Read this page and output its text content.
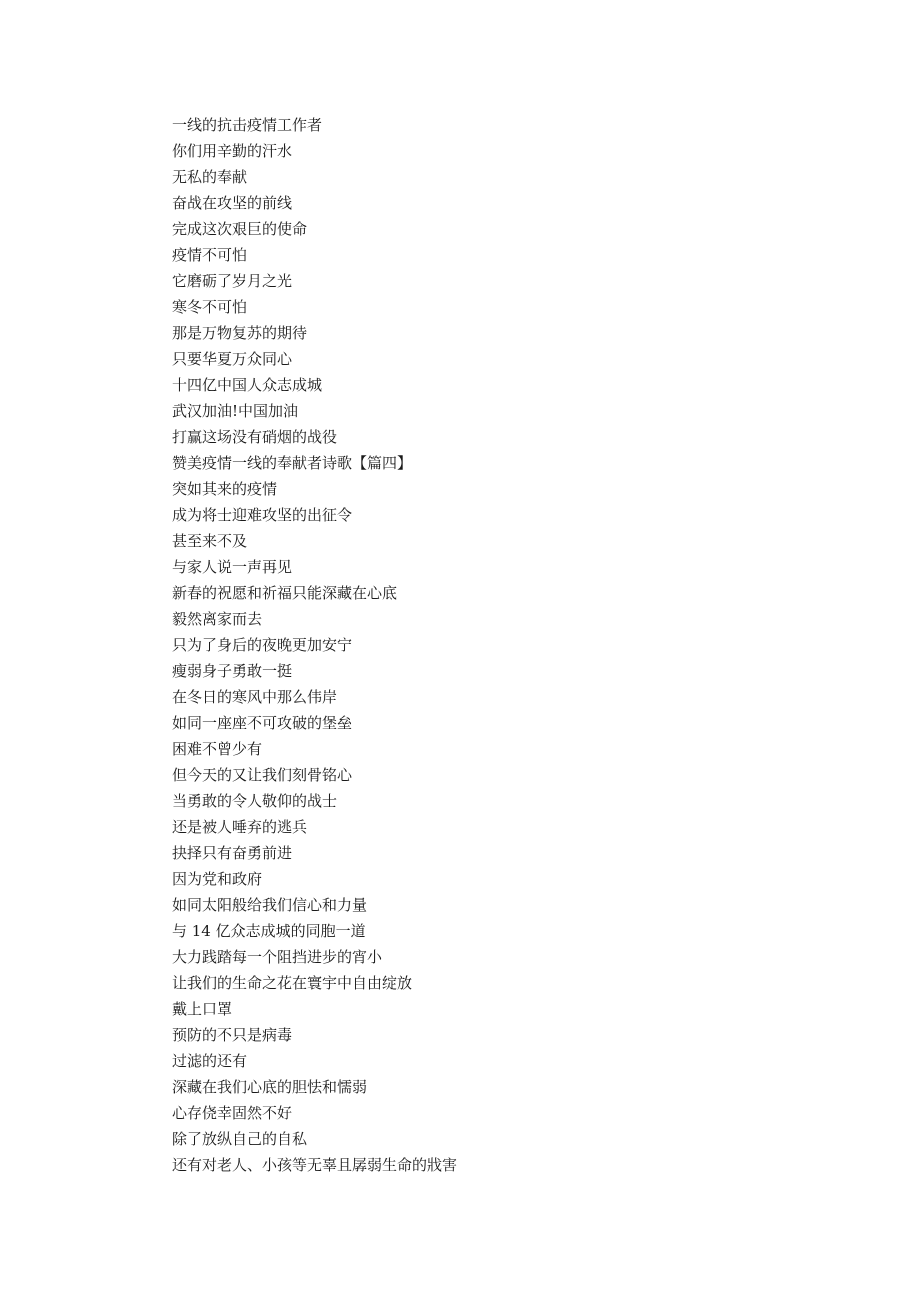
一线的抗击疫情工作者
你们用辛勤的汗水
无私的奉献
奋战在攻坚的前线
完成这次艰巨的使命
疫情不可怕
它磨砺了岁月之光
寒冬不可怕
那是万物复苏的期待
只要华夏万众同心
十四亿中国人众志成城
武汉加油!中国加油
打赢这场没有硝烟的战役
赞美疫情一线的奉献者诗歌【篇四】
突如其来的疫情
成为将士迎难攻坚的出征令
甚至来不及
与家人说一声再见
新春的祝愿和祈福只能深藏在心底
毅然离家而去
只为了身后的夜晚更加安宁
瘦弱身子勇敢一挺
在冬日的寒风中那么伟岸
如同一座座不可攻破的堡垒
困难不曾少有
但今天的又让我们刻骨铭心
当勇敢的令人敬仰的战士
还是被人唾弃的逃兵
抉择只有奋勇前进
因为党和政府
如同太阳般给我们信心和力量
与 14 亿众志成城的同胞一道
大力践踏每一个阻挡进步的宵小
让我们的生命之花在寰宇中自由绽放
戴上口罩
预防的不只是病毒
过滤的还有
深藏在我们心底的胆怯和懦弱
心存侥幸固然不好
除了放纵自己的自私
还有对老人、小孩等无辜且孱弱生命的戕害
